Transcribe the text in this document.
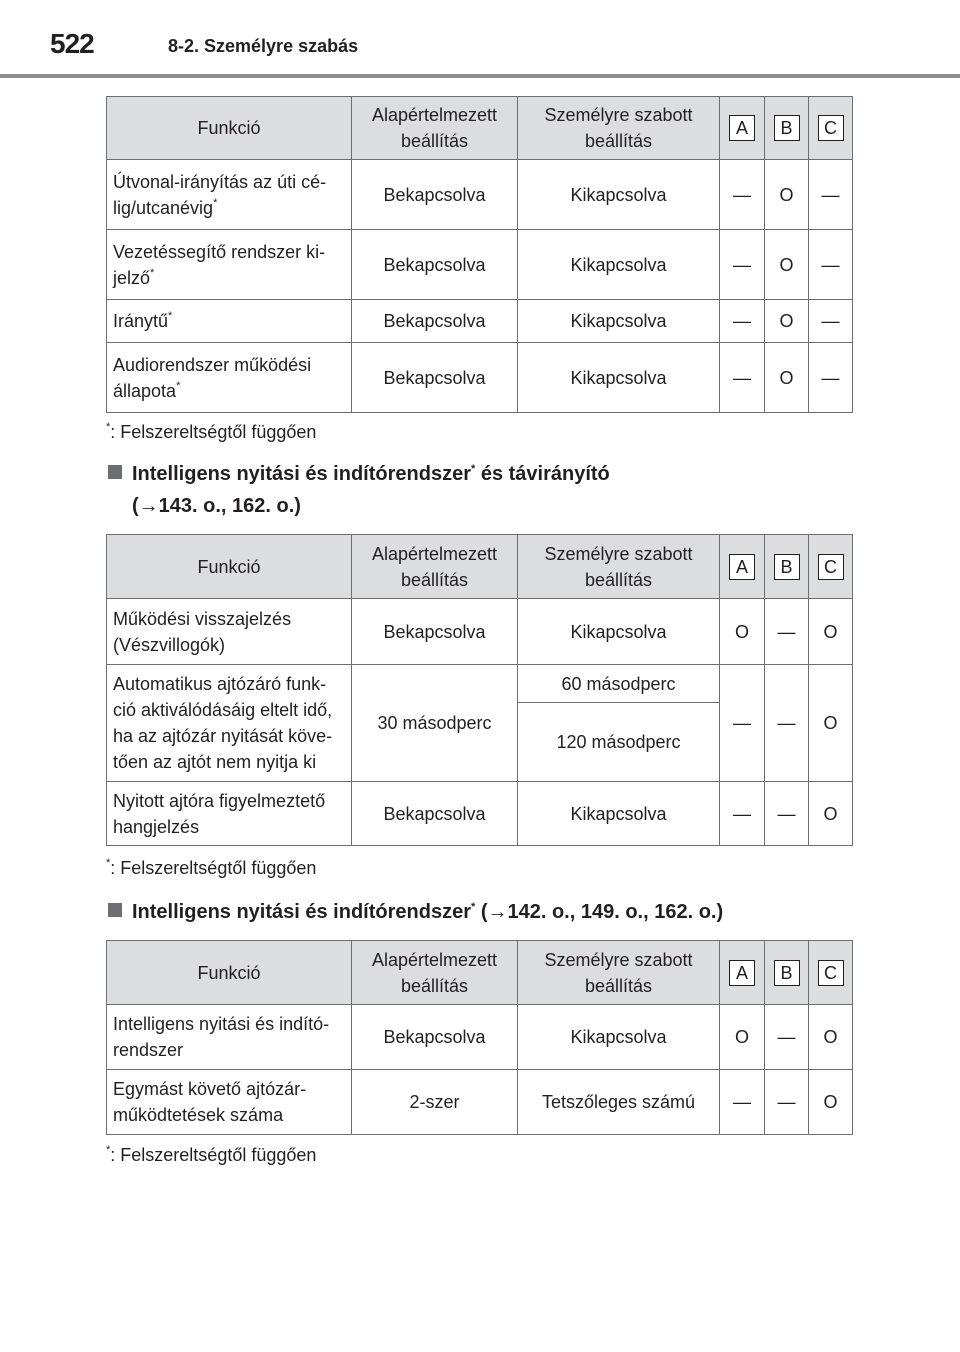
522	8-2. Személyre szabás
Funkció	Alapértelmezett beállítás	Személyre szabott beállítás	A	B	C
Útvonal-irányítás az úti cé-lig/utcanévig*	Bekapcsolva	Kikapcsolva	—	O	—
Vezetéssegítő rendszer ki-jelző*	Bekapcsolva	Kikapcsolva	—	O	—
Iránytű*	Bekapcsolva	Kikapcsolva	—	O	—
Audiorendszer működési állapota*	Bekapcsolva	Kikapcsolva	—	O	—
*: Felszereltségtől függően
Intelligens nyitási és indítórendszer* és távirányító
(→143. o., 162. o.)
Funkció	Alapértelmezett beállítás	Személyre szabott beállítás	A	B	C
Működési visszajelzés (Vészvillogók)	Bekapcsolva	Kikapcsolva	O	—	O
Automatikus ajtózáró funk-ció aktiválódásáig eltelt idő, ha az ajtózár nyitását köve-tően az ajtót nem nyitja ki	30 másodperc	60 másodperc	—	—	O
		120 másodperc			
Nyitott ajtóra figyelmeztető hangjelzés	Bekapcsolva	Kikapcsolva	—	—	O
*: Felszereltségtől függően
Intelligens nyitási és indítórendszer* (→142. o., 149. o., 162. o.)
Funkció	Alapértelmezett beállítás	Személyre szabott beállítás	A	B	C
Intelligens nyitási és indító-rendszer	Bekapcsolva	Kikapcsolva	O	—	O
Egymást követő ajtózár-működtetések száma	2-szer	Tetszőleges számú	—	—	O
*: Felszereltségtől függően
